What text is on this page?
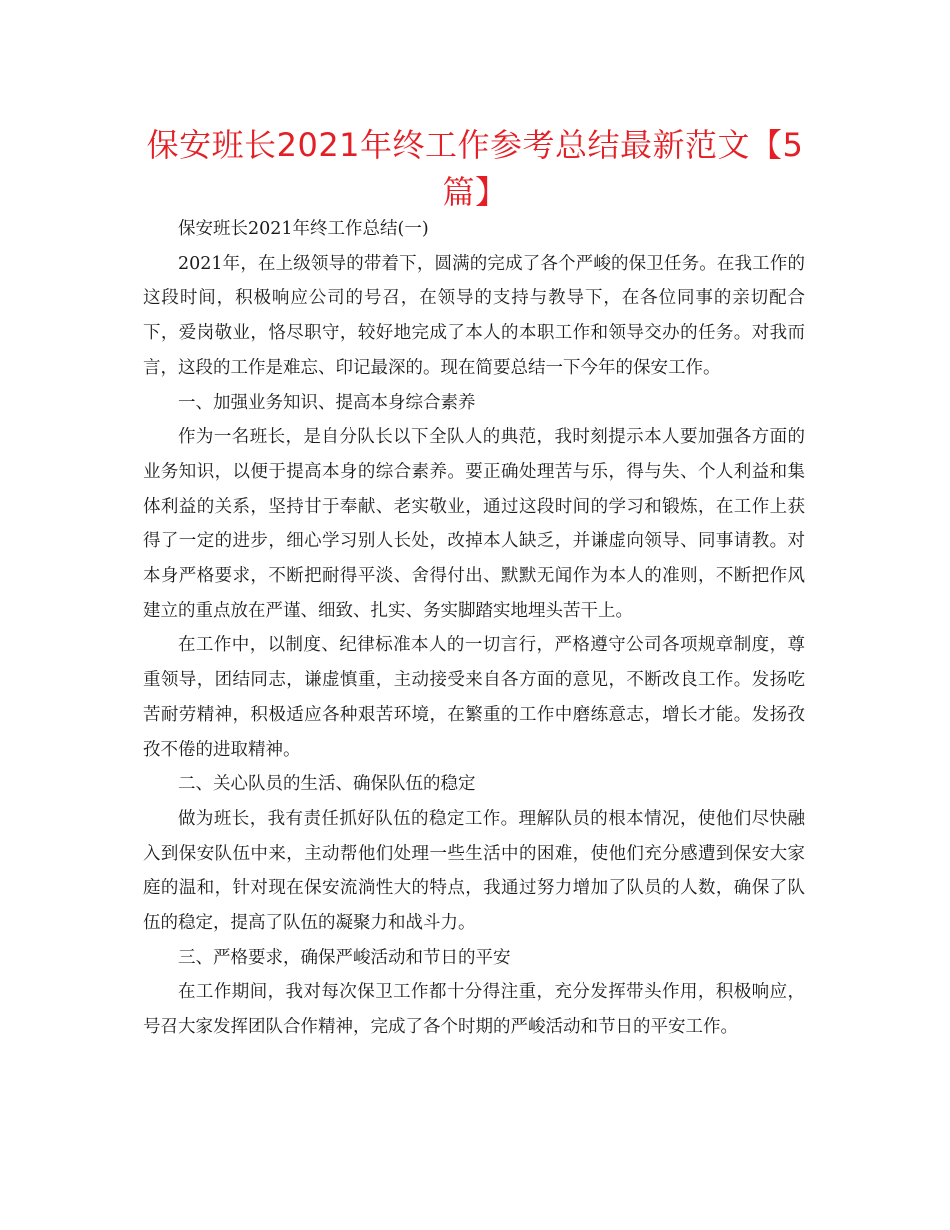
保安班长2021年终工作参考总结最新范文【5篇】

保安班长2021年终工作总结(一)

2021年，在上级领导的带着下，圆满的完成了各个严峻的保卫任务。在我工作的这段时间，积极响应公司的号召，在领导的支持与教导下，在各位同事的亲切配合下，爱岗敬业，恪尽职守，较好地完成了本人的本职工作和领导交办的任务。对我而言，这段的工作是难忘、印记最深的。现在简要总结一下今年的保安工作。

一、加强业务知识、提高本身综合素养

作为一名班长，是自分队长以下全队人的典范，我时刻提示本人要加强各方面的业务知识，以便于提高本身的综合素养。要正确处理苦与乐，得与失、个人利益和集体利益的关系，坚持甘于奉献、老实敬业，通过这段时间的学习和锻炼，在工作上获得了一定的进步，细心学习别人长处，改掉本人缺乏，并谦虚向领导、同事请教。对本身严格要求，不断把耐得平淡、舍得付出、默默无闻作为本人的准则，不断把作风建立的重点放在严谨、细致、扎实、务实脚踏实地埋头苦干上。

在工作中，以制度、纪律标准本人的一切言行，严格遵守公司各项规章制度，尊重领导，团结同志，谦虚慎重，主动接受来自各方面的意见，不断改良工作。发扬吃苦耐劳精神，积极适应各种艰苦环境，在繁重的工作中磨练意志，增长才能。发扬孜孜不倦的进取精神。

二、关心队员的生活、确保队伍的稳定

做为班长，我有责任抓好队伍的稳定工作。理解队员的根本情况，使他们尽快融入到保安队伍中来，主动帮他们处理一些生活中的困难，使他们充分感遭到保安大家庭的温和，针对现在保安流淌性大的特点，我通过努力增加了队员的人数，确保了队伍的稳定，提高了队伍的凝聚力和战斗力。

三、严格要求，确保严峻活动和节日的平安

在工作期间，我对每次保卫工作都十分得注重，充分发挥带头作用，积极响应，号召大家发挥团队合作精神，完成了各个时期的严峻活动和节日的平安工作。
